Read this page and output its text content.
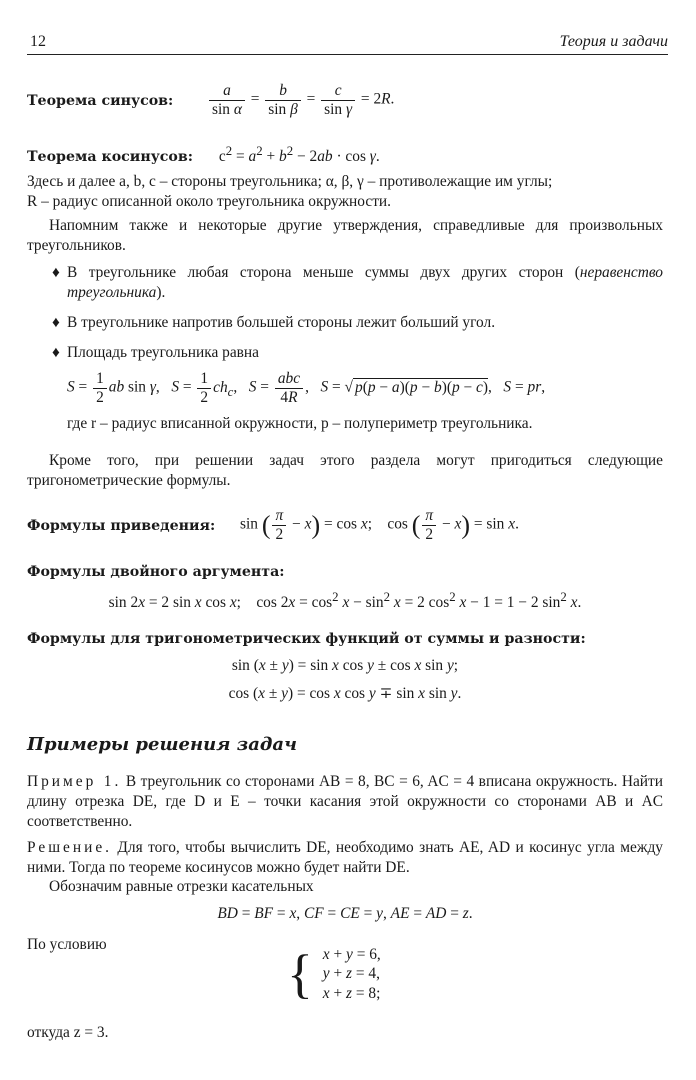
12	Теория и задачи
Теорема синусов: $\frac{a}{\text{sin α}} = \frac{b}{\text{sin β}} = \frac{c}{\text{sin γ}} = 2R$.
Теорема косинусов: $c^2 = a^2 + b^2 - 2ab \cdot \cos \gamma$.
Здесь и далее a, b, c – стороны треугольника; α, β, γ – противолежащие им углы;
R – радиус описанной около треугольника окружности.
Напомним также и некоторые другие утверждения, справедливые для произвольных треугольников.
♦ В треугольнике любая сторона меньше суммы двух других сторон (неравенство треугольника).
♦ В треугольнике напротив большей стороны лежит больший угол.
♦ Площадь треугольника равна
$S = \frac{1}{2}$ ab sin γ,   $S = \frac{1}{2} ch_c$,   $S = \frac{\text{abc}}{4R}$ ,   S = √ p(p − a)(p − b)(p − c),   S = pr,
где r – радиус вписанной окружности, p – полупериметр треугольника.
Кроме того, при решении задач этого раздела могут пригодиться следующие тригонометрические формулы.
Формулы приведения: sin ( $\frac{\pi}{2} - x) = \cos x$;    cos ( $\frac{\pi}{2} - x) = \sin x$.
Формулы двойного аргумента:
sin 2x = 2 sin x cos x;    $\cos 2x = \cos^2 x - \sin^2 x = 2$ $\cos^2 x - 1 = 1 - 2$ $\sin^2 x$.
Формулы для тригонометрических функций от суммы и разности:
sin (x ± y) = sin x cos y ± cos x sin y;
cos (x ± y) = cos x cos y ∓ sin x sin y.
Примеры решения задач
Пример 1. В треугольник со сторонами AB = 8, BC = 6, AC = 4 вписана окружность. Найти длину отрезка DE, где D и E – точки касания этой окружности со сторонами AB и AC соответственно.
Решение. Для того, чтобы вычислить DE, необходимо знать AE, AD и косинус угла между ними. Тогда по теореме косинусов можно будет найти DE.
Обозначим равные отрезки касательных
BD = BF = x, CF = CE = y, AE = AD = z.
По условию	{ x + y = 6,
y + z = 4,
x + z = 8;
откуда z = 3.
